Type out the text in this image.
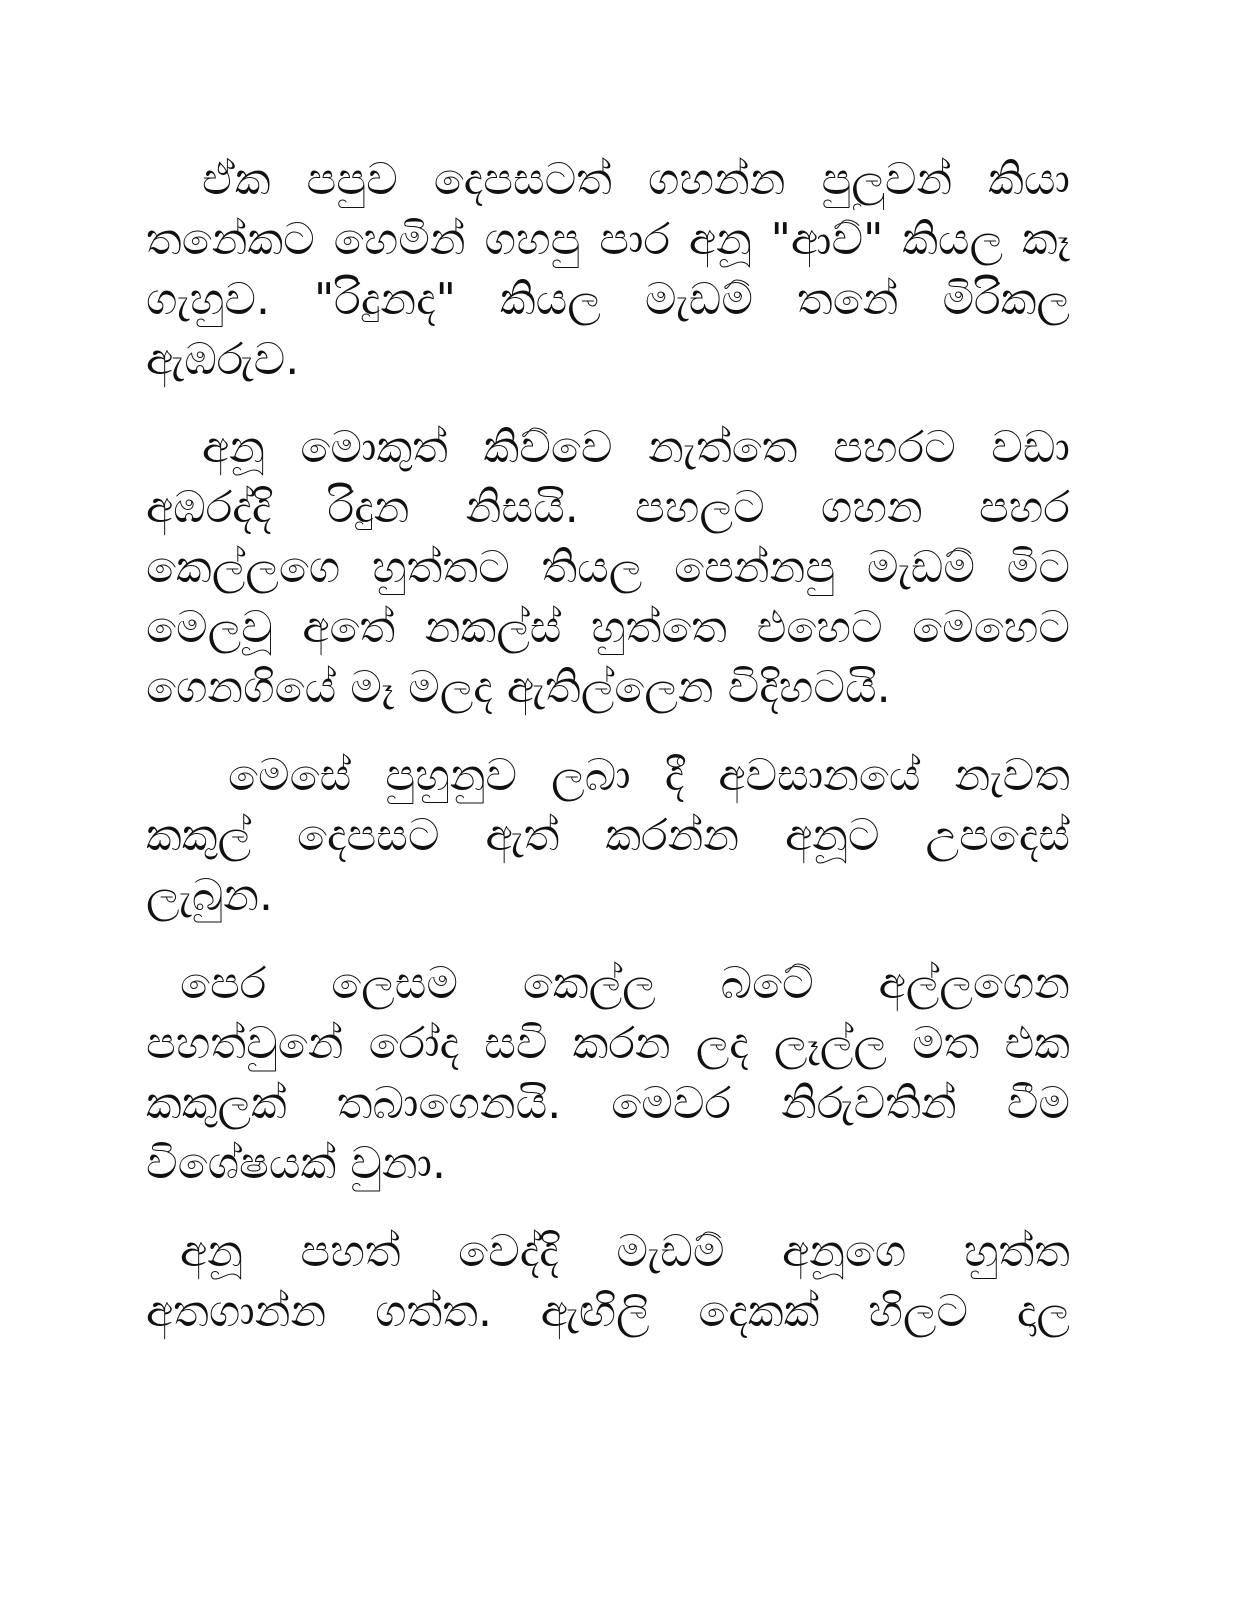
ඒක පපුව දෙපසටත් ගහන්න පුලුවන් කියා
තනේකට හෙමින් ගහපු පාර අනූ "ආව්" කියල කෑ
ගැහුව. "රිදුනද" කියල මැඩම් තනේ මිරිකල
ඇඹරුව.
අනූ මොකුත් කිව්වෙ නැත්තෙ පහරට වඩා
අඹරද්දි රිදුන නිසයි. පහලට ගහන පහර
කෙල්ලගෙ හුත්තට තියල පෙන්නපු මැඩම් මිට
මෙලවූ අතේ නකල්ස් හුත්තෙ එහෙට මෙහෙට
ගෙනගියේ මෑ මලද ඇතිල්ලෙන විදිහටයි.
මෙසේ පුහුනුව ලබා දී අවසානයේ නැවත
කකුල් දෙපසට ඇත් කරන්න අනූට උපදෙස්
ලැබුන.
පෙර ලෙසම කෙල්ල බටේ අල්ලගෙන
පහත්වුනේ රෝද සවි කරන ලද ලෑල්ල මත එක
කකුලක් තබාගෙනයි. මෙවර නිරුවතින් වීම
විශේෂයක් වුනා.
අනූ පහත් වෙද්දි මැඩම් අනූගෙ හුත්ත
අතගාන්න ගත්ත. ඇඟිලි දෙකක් හිලට දාල
